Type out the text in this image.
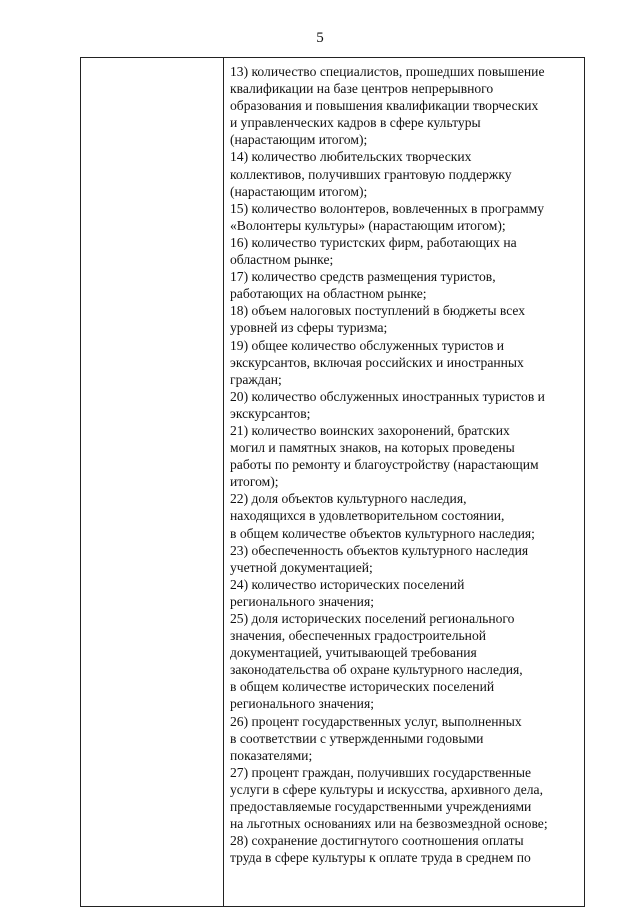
5
13) количество специалистов, прошедших повышение
квалификации на базе центров непрерывного
образования и повышения квалификации творческих
и управленческих кадров в сфере культуры
(нарастающим итогом);
14) количество любительских творческих
коллективов, получивших грантовую поддержку
(нарастающим итогом);
15) количество волонтеров, вовлеченных в программу
«Волонтеры культуры» (нарастающим итогом);
16) количество туристских фирм, работающих на
областном рынке;
17) количество средств размещения туристов,
работающих на областном рынке;
18) объем налоговых поступлений в бюджеты всех
уровней из сферы туризма;
19) общее количество обслуженных туристов и
экскурсантов, включая российских и иностранных
граждан;
20) количество обслуженных иностранных туристов и
экскурсантов;
21) количество воинских захоронений, братских
могил и памятных знаков, на которых проведены
работы по ремонту и благоустройству (нарастающим
итогом);
22) доля объектов культурного наследия,
находящихся в удовлетворительном состоянии,
в общем количестве объектов культурного наследия;
23) обеспеченность объектов культурного наследия
учетной документацией;
24) количество исторических поселений
регионального значения;
25) доля исторических поселений регионального
значения, обеспеченных градостроительной
документацией, учитывающей требования
законодательства об охране культурного наследия,
в общем количестве исторических поселений
регионального значения;
26) процент государственных услуг, выполненных
в соответствии с утвержденными годовыми
показателями;
27) процент граждан, получивших государственные
услуги в сфере культуры и искусства, архивного дела,
предоставляемые государственными учреждениями
на льготных основаниях или на безвозмездной основе;
28) сохранение достигнутого соотношения оплаты
труда в сфере культуры к оплате труда в среднем по
